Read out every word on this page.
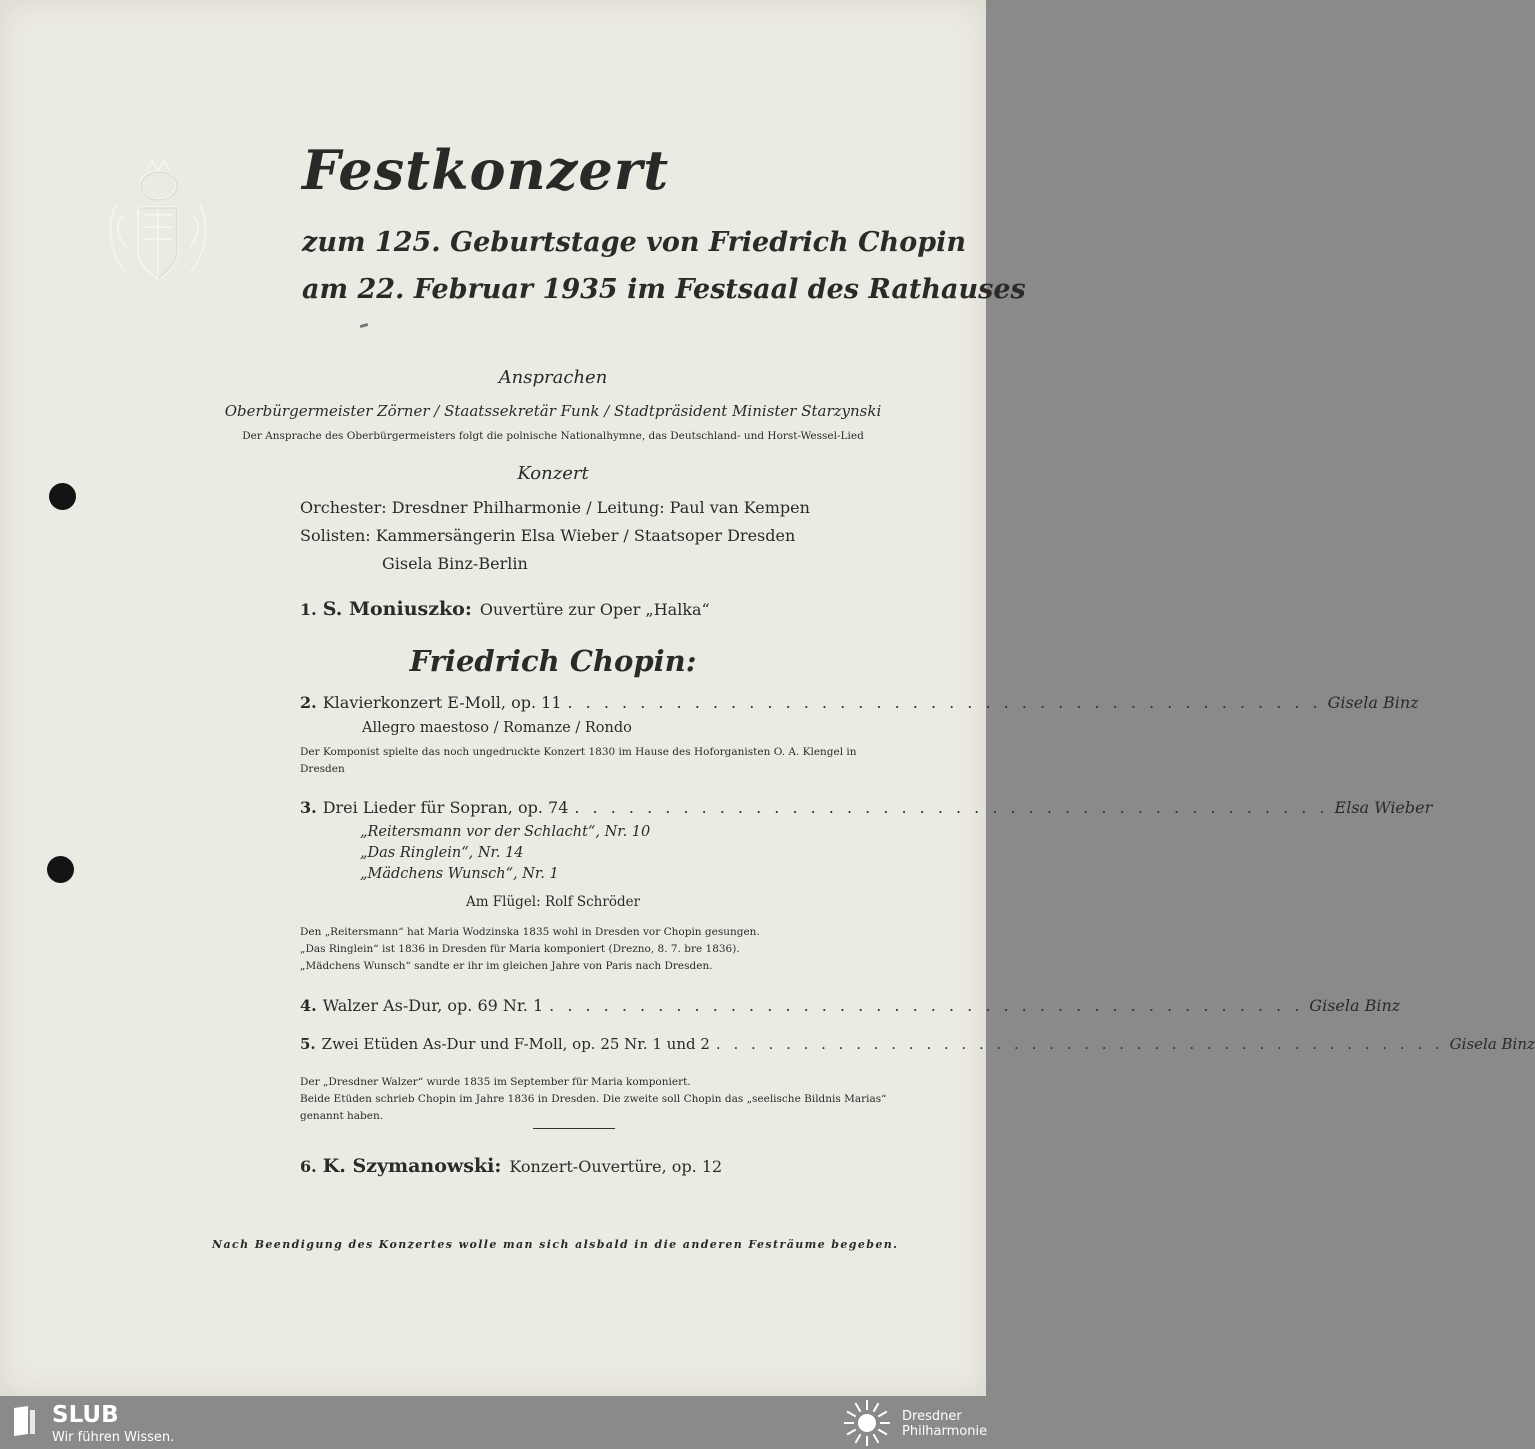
Festkonzert
zum 125. Geburtstage von Friedrich Chopin
am 22. Februar 1935 im Festsaal des Rathauses
Ansprachen
Oberbürgermeister Zörner / Staatssekretär Funk / Stadtpräsident Minister Starzynski
Der Ansprache des Oberbürgermeisters folgt die polnische Nationalhymne, das Deutschland- und Horst-Wessel-Lied
Konzert
Orchester: Dresdner Philharmonie / Leitung: Paul van Kempen
Solisten: Kammersängerin Elsa Wieber / Staatsoper Dresden
Gisela Binz-Berlin
1. S. Moniuszko: Ouvertüre zur Oper „Halka“
Friedrich Chopin:
2. Klavierkonzert E-Moll, op. 11 . . . . . . . . . . . . . . . . . . . . . . . . . . . . . . . . . . . . . . . . . . Gisela Binz
Allegro maestoso / Romanze / Rondo
Der Komponist spielte das noch ungedruckte Konzert 1830 im Hause des Hoforganisten O. A. Klengel in Dresden
3. Drei Lieder für Sopran, op. 74 . . . . . . . . . . . . . . . . . . . . . . . . . . . . . . . . . . . . . . . . . . Elsa Wieber
„Reitersmann vor der Schlacht“, Nr. 10
„Das Ringlein“, Nr. 14
„Mädchens Wunsch“, Nr. 1
Am Flügel: Rolf Schröder
Den „Reitersmann“ hat Maria Wodzinska 1835 wohl in Dresden vor Chopin gesungen.
„Das Ringlein“ ist 1836 in Dresden für Maria komponiert (Drezno, 8. 7. bre 1836).
„Mädchens Wunsch“ sandte er ihr im gleichen Jahre von Paris nach Dresden.
4. Walzer As-Dur, op. 69 Nr. 1 . . . . . . . . . . . . . . . . . . . . . . . . . . . . . . . . . . . . . . . . . . Gisela Binz
5. Zwei Etüden As-Dur und F-Moll, op. 25 Nr. 1 und 2 . . . . . . . . . . . . . . . . . . . . . . . . . . . . . . . . . . . . . . . . . . Gisela Binz
Der „Dresdner Walzer“ wurde 1835 im September für Maria komponiert.
Beide Etüden schrieb Chopin im Jahre 1836 in Dresden. Die zweite soll Chopin das „seelische Bildnis Marias“ genannt haben.
6. K. Szymanowski: Konzert-Ouvertüre, op. 12
Nach Beendigung des Konzertes wolle man sich alsbald in die anderen Festräume begeben.
SLUB
Wir führen Wissen.
Dresdner Philharmonie
